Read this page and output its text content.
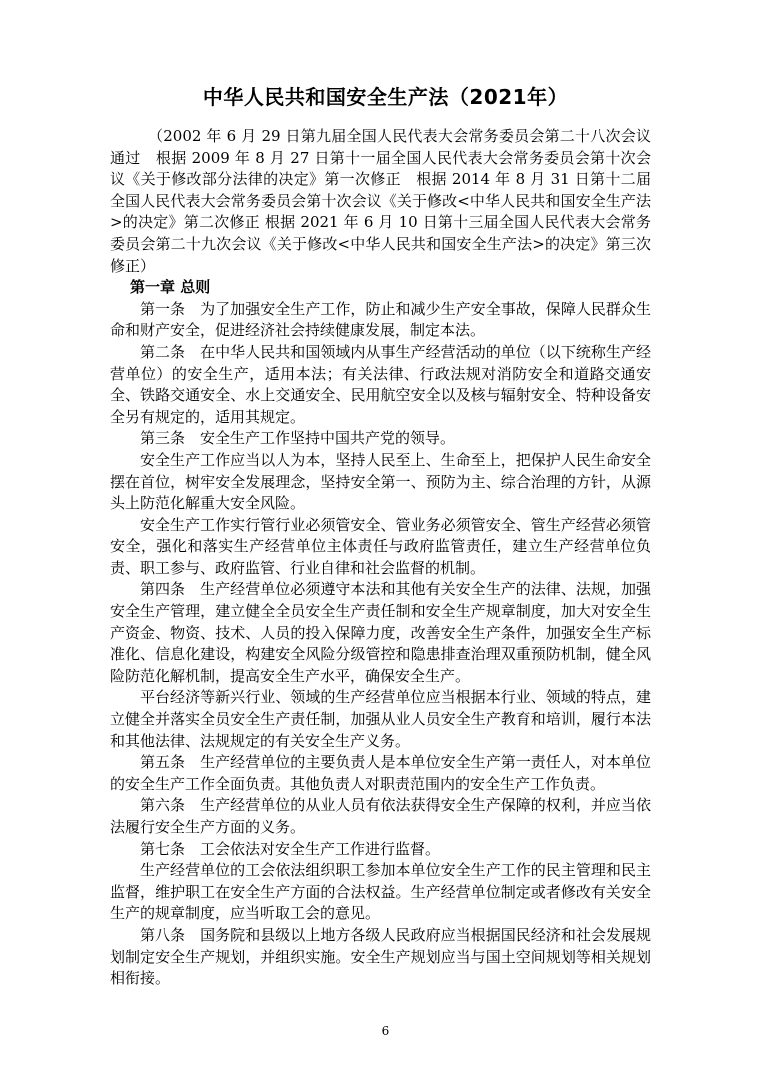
中华人民共和国安全生产法（2021年）

（2002 年 6 月 29 日第九届全国人民代表大会常务委员会第二十八次会议通过　根据 2009 年 8 月 27 日第十一届全国人民代表大会常务委员会第十次会议《关于修改部分法律的决定》第一次修正　根据 2014 年 8 月 31 日第十二届全国人民代表大会常务委员会第十次会议《关于修改<中华人民共和国安全生产法>的决定》第二次修正 根据 2021 年 6 月 10 日第十三届全国人民代表大会常务委员会第二十九次会议《关于修改<中华人民共和国安全生产法>的决定》第三次修正）

第一章 总则

第一条　为了加强安全生产工作，防止和减少生产安全事故，保障人民群众生命和财产安全，促进经济社会持续健康发展，制定本法。

第二条　在中华人民共和国领域内从事生产经营活动的单位（以下统称生产经营单位）的安全生产，适用本法；有关法律、行政法规对消防安全和道路交通安全、铁路交通安全、水上交通安全、民用航空安全以及核与辐射安全、特种设备安全另有规定的，适用其规定。

第三条　安全生产工作坚持中国共产党的领导。

安全生产工作应当以人为本，坚持人民至上、生命至上，把保护人民生命安全摆在首位，树牢安全发展理念，坚持安全第一、预防为主、综合治理的方针，从源头上防范化解重大安全风险。

安全生产工作实行管行业必须管安全、管业务必须管安全、管生产经营必须管安全，强化和落实生产经营单位主体责任与政府监管责任，建立生产经营单位负责、职工参与、政府监管、行业自律和社会监督的机制。

第四条　生产经营单位必须遵守本法和其他有关安全生产的法律、法规，加强安全生产管理，建立健全全员安全生产责任制和安全生产规章制度，加大对安全生产资金、物资、技术、人员的投入保障力度，改善安全生产条件，加强安全生产标准化、信息化建设，构建安全风险分级管控和隐患排查治理双重预防机制，健全风险防范化解机制，提高安全生产水平，确保安全生产。

平台经济等新兴行业、领域的生产经营单位应当根据本行业、领域的特点，建立健全并落实全员安全生产责任制，加强从业人员安全生产教育和培训，履行本法和其他法律、法规规定的有关安全生产义务。

第五条　生产经营单位的主要负责人是本单位安全生产第一责任人，对本单位的安全生产工作全面负责。其他负责人对职责范围内的安全生产工作负责。

第六条　生产经营单位的从业人员有依法获得安全生产保障的权利，并应当依法履行安全生产方面的义务。

第七条　工会依法对安全生产工作进行监督。

生产经营单位的工会依法组织职工参加本单位安全生产工作的民主管理和民主监督，维护职工在安全生产方面的合法权益。生产经营单位制定或者修改有关安全生产的规章制度，应当听取工会的意见。

第八条　国务院和县级以上地方各级人民政府应当根据国民经济和社会发展规划制定安全生产规划，并组织实施。安全生产规划应当与国土空间规划等相关规划相衔接。

6
